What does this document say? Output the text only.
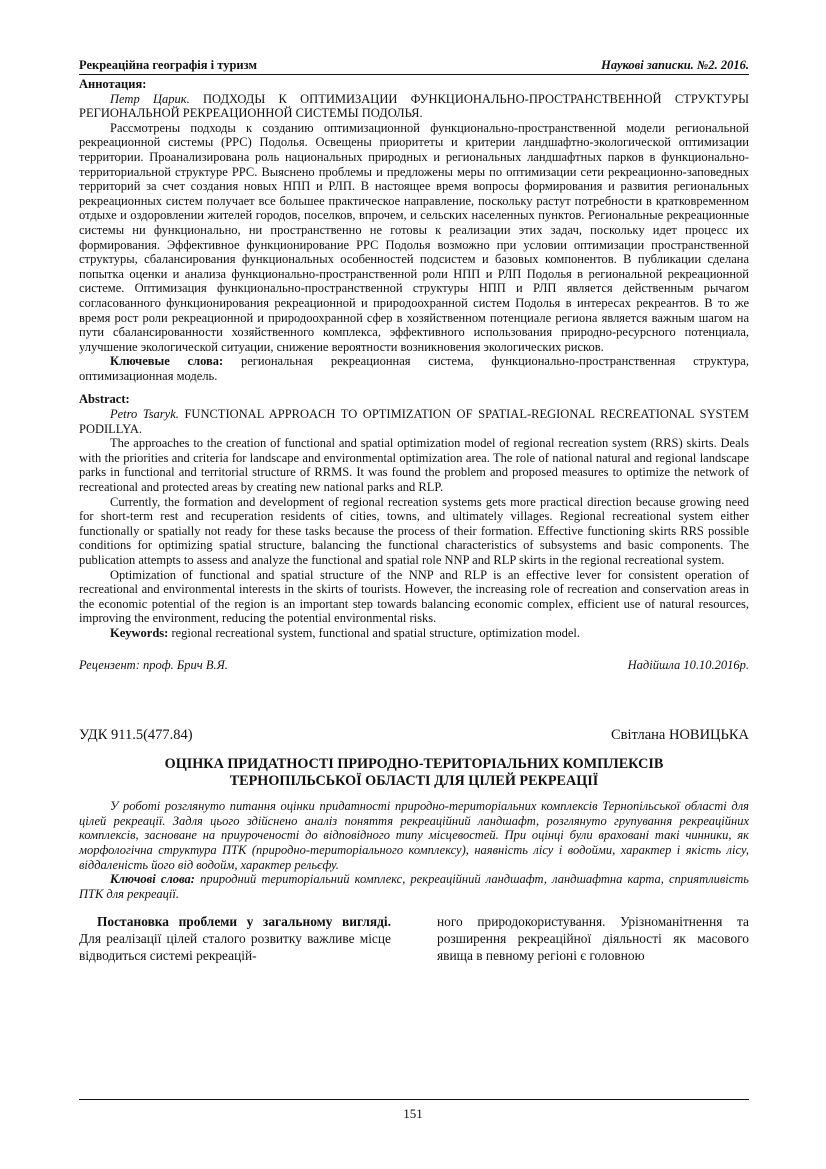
Рекреаційна географія і туризм	Наукові записки. №2. 2016.
Аннотация:

Петр Царик. ПОДХОДЫ К ОПТИМИЗАЦИИ ФУНКЦИОНАЛЬНО-ПРОСТРАНСТВЕННОЙ СТРУКТУРЫ РЕГИОНАЛЬНОЙ РЕКРЕАЦИОННОЙ СИСТЕМЫ ПОДОЛЬЯ.

Рассмотрены подходы к созданию оптимизационной функционально-пространственной модели региональной рекреационной системы (РРС) Подолья. Освещены приоритеты и критерии ландшафтно-экологической оптимизации территории. Проанализирована роль национальных природных и региональных ландшафтных парков в функционально-территориальной структуре РРС. Выяснено проблемы и предложены меры по оптимизации сети рекреационно-заповедных территорий за счет создания новых НПП и РЛП. В настоящее время вопросы формирования и развития региональных рекреационных систем получает все большее практическое направление, поскольку растут потребности в кратковременном отдыхе и оздоровлении жителей городов, поселков, впрочем, и сельских населенных пунктов. Региональные рекреационные системы ни функционально, ни пространственно не готовы к реализации этих задач, поскольку идет процесс их формирования. Эффективное функционирование РРС Подолья возможно при условии оптимизации пространственной структуры, сбалансирования функциональных особенностей подсистем и базовых компонентов. В публикации сделана попытка оценки и анализа функционально-пространственной роли НПП и РЛП Подолья в региональной рекреационной системе. Оптимизация функционально-пространственной структуры НПП и РЛП является действенным рычагом согласованного функционирования рекреационной и природоохранной систем Подолья в интересах рекреантов. В то же время рост роли рекреационной и природоохранной сфер в хозяйственном потенциале региона является важным шагом на пути сбалансированности хозяйственного комплекса, эффективного использования природно-ресурсного потенциала, улучшение экологической ситуации, снижение вероятности возникновения экологических рисков.

Ключевые слова: региональная рекреационная система, функционально-пространственная структура, оптимизационная модель.

Abstract:

Petro Tsaryk. FUNCTIONAL APPROACH TO OPTIMIZATION OF SPATIAL-REGIONAL RECREATIONAL SYSTEM PODILLYA.

The approaches to the creation of functional and spatial optimization model of regional recreation system (RRS) skirts. Deals with the priorities and criteria for landscape and environmental optimization area. The role of national natural and regional landscape parks in functional and territorial structure of RRMS. It was found the problem and proposed measures to optimize the network of recreational and protected areas by creating new national parks and RLP.

Currently, the formation and development of regional recreation systems gets more practical direction because growing need for short-term rest and recuperation residents of cities, towns, and ultimately villages. Regional recreational system either functionally or spatially not ready for these tasks because the process of their formation. Effective functioning skirts RRS possible conditions for optimizing spatial structure, balancing the functional characteristics of subsystems and basic components. The publication attempts to assess and analyze the functional and spatial role NNP and RLP skirts in the regional recreational system.

Optimization of functional and spatial structure of the NNP and RLP is an effective lever for consistent operation of recreational and environmental interests in the skirts of tourists. However, the increasing role of recreation and conservation areas in the economic potential of the region is an important step towards balancing economic complex, efficient use of natural resources, improving the environment, reducing the potential environmental risks.

Keywords: regional recreational system, functional and spatial structure, optimization model.

Рецензент: проф. Брич В.Я.	Надійшла 10.10.2016р.
УДК 911.5(477.84)	Світлана НОВИЦЬКА
ОЦІНКА ПРИДАТНОСТІ ПРИРОДНО-ТЕРИТОРІАЛЬНИХ КОМПЛЕКСІВ
ТЕРНОПІЛЬСЬКОЇ ОБЛАСТІ ДЛЯ ЦІЛЕЙ РЕКРЕАЦІЇ

У роботі розглянуто питання оцінки придатності природно-територіальних комплексів Тернопільської області для цілей рекреації. Задля цього здійснено аналіз поняття рекреаційний ландшафт, розглянуто групування рекреаційних комплексів, засноване на приуроченості до відповідного типу місцевостей. При оцінці були враховані такі чинники, як морфологічна структура ПТК (природно-територіального комплексу), наявність лісу і водойми, характер і якість лісу, віддаленість його від водойм, характер рельєфу.

Ключові слова: природний територіальний комплекс, рекреаційний ландшафт, ландшафтна карта, сприятливість ПТК для рекреації.

Постановка проблеми у загальному вигляді. Для реалізації цілей сталого розвитку важливе місце відводиться системі рекреацій-

ного природокористування. Урізноманітнення та розширення рекреаційної діяльності як масового явища в певному регіоні є головною

151
